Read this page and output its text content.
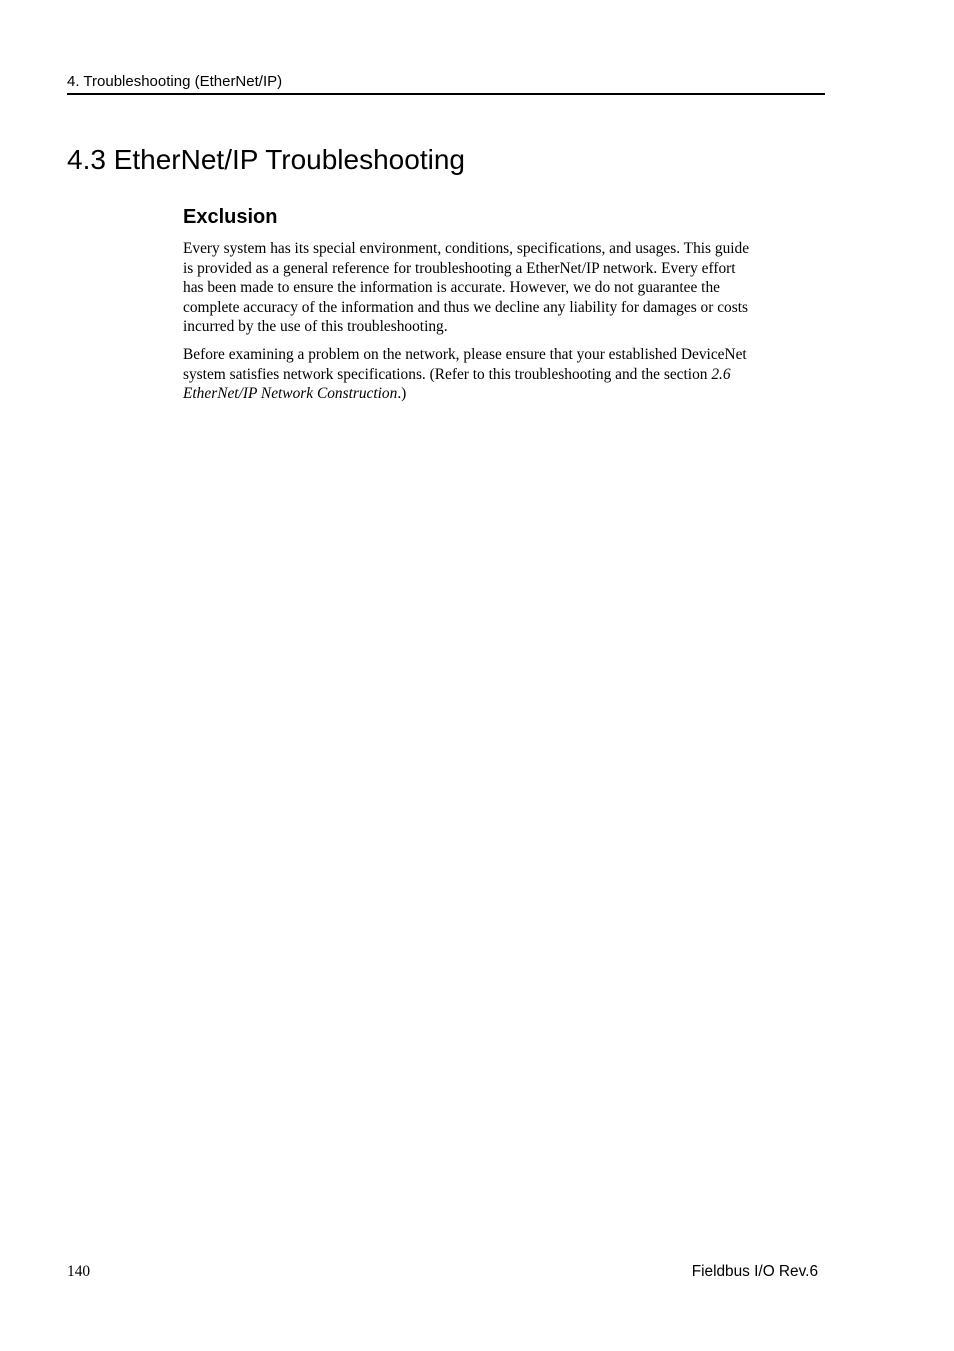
4. Troubleshooting (EtherNet/IP)
4.3 EtherNet/IP Troubleshooting
Exclusion

Every system has its special environment, conditions, specifications, and usages. This guide
is provided as a general reference for troubleshooting a EtherNet/IP network. Every effort
has been made to ensure the information is accurate. However, we do not guarantee the
complete accuracy of the information and thus we decline any liability for damages or costs
incurred by the use of this troubleshooting.

Before examining a problem on the network, please ensure that your established DeviceNet
system satisfies network specifications. (Refer to this troubleshooting and the section 2.6
EtherNet/IP Network Construction.)

140	Fieldbus I/O Rev.6
